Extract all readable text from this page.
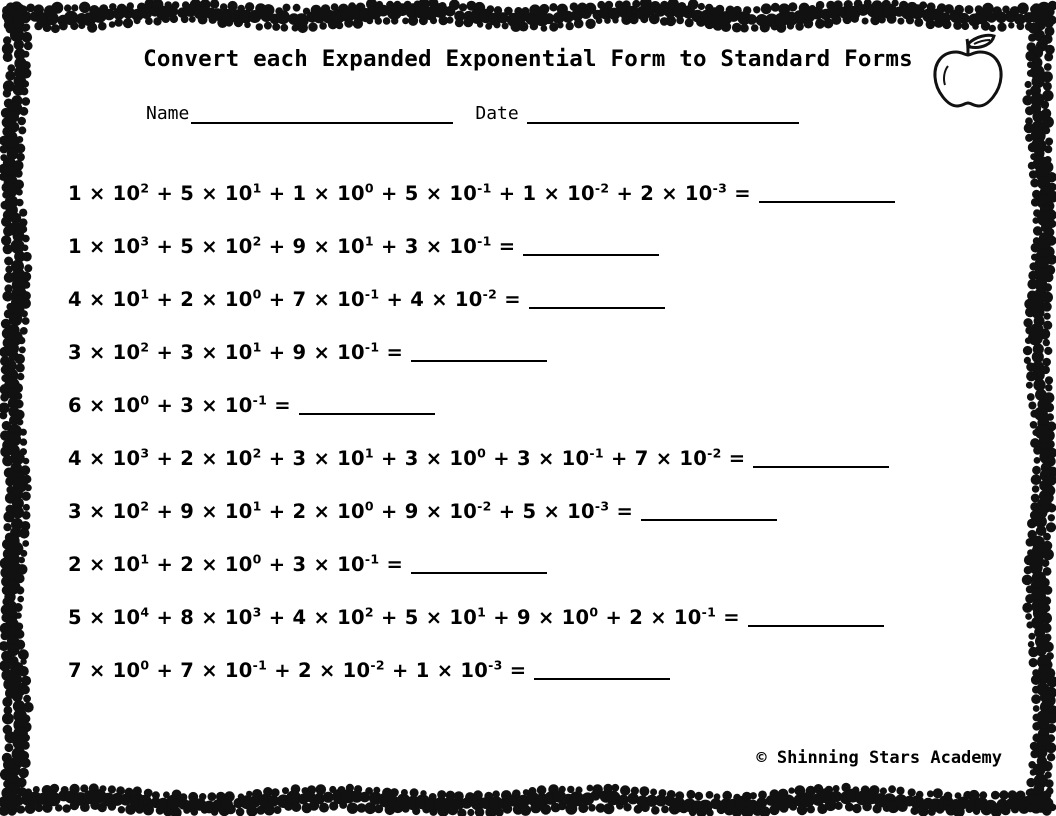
Convert each Expanded Exponential Form to Standard Forms
Name	Date
$1 \times 10^2 + 5 \times 10^1 + 1 \times 10^0 + 5 \times 10^{-1} + 1 \times 10^{-2} + 2 \times 10^{-3}$ =
$1 \times 10^3 + 5 \times 10^2 + 9 \times 10^1 + 3 \times 10^{-1}$ =
$4 \times 10^1 + 2 \times 10^0 + 7 \times 10^{-1} + 4 \times 10^{-2}$ =
$3 \times 10^2 + 3 \times 10^1 + 9 \times 10^{-1}$ =
$6 \times 10^0 + 3 \times 10^{-1}$ =
$4 \times 10^3 + 2 \times 10^2 + 3 \times 10^1 + 3 \times 10^0 + 3 \times 10^{-1} + 7 \times 10^{-2}$ =
$3 \times 10^2 + 9 \times 10^1 + 2 \times 10^0 + 9 \times 10^{-2} + 5 \times 10^{-3}$ =
$2 \times 10^1 + 2 \times 10^0 + 3 \times 10^{-1}$ =
$5 \times 10^4 + 8 \times 10^3 + 4 \times 10^2 + 5 \times 10^1 + 9 \times 10^0 + 2 \times 10^{-1}$ =
$7 \times 10^0 + 7 \times 10^{-1} + 2 \times 10^{-2} + 1 \times 10^{-3}$ =
© Shinning Stars Academy
